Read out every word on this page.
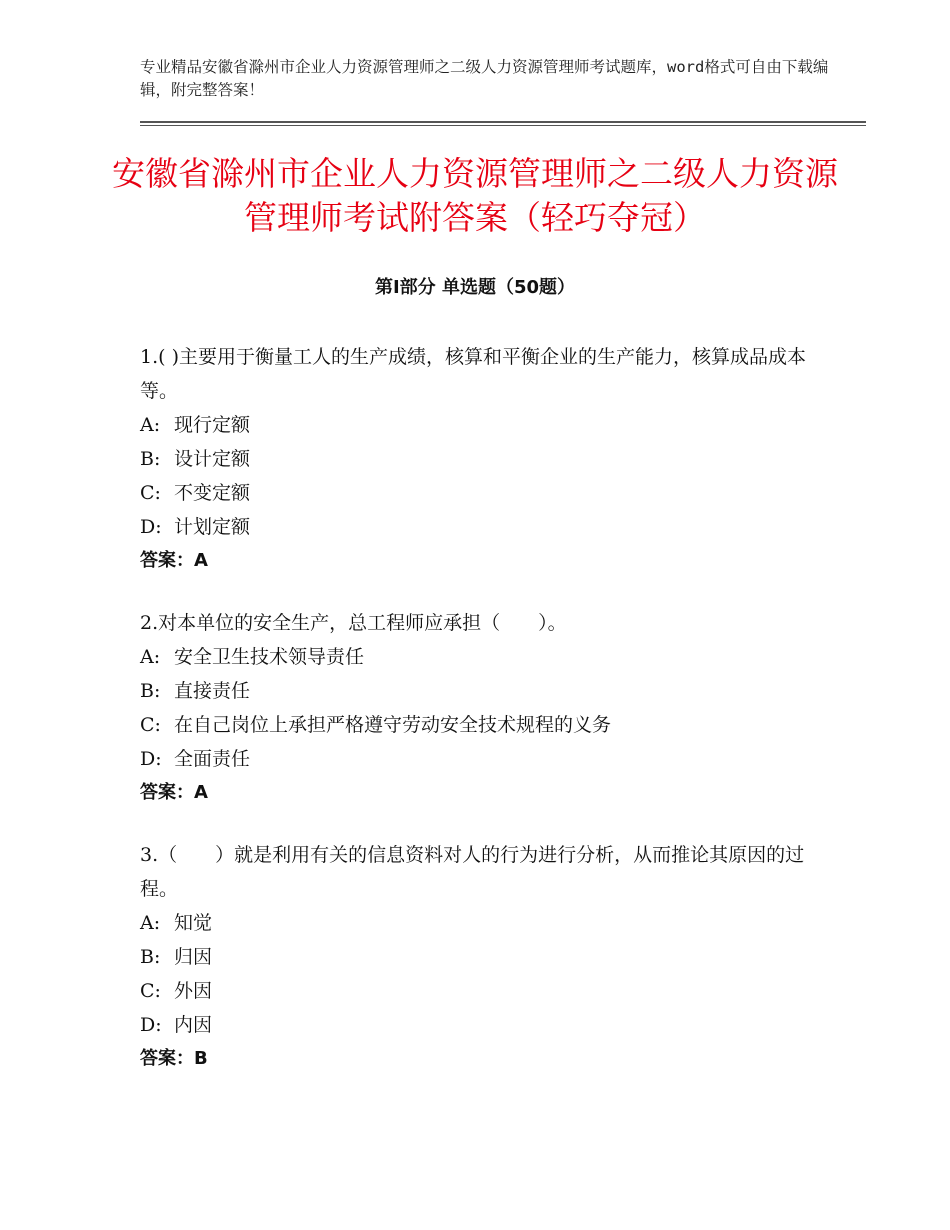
专业精品安徽省滁州市企业人力资源管理师之二级人力资源管理师考试题库，word格式可自由下载编辑，附完整答案！
安徽省滁州市企业人力资源管理师之二级人力资源管理师考试附答案（轻巧夺冠）
第Ⅰ部分 单选题（50题）

1.( )主要用于衡量工人的生产成绩，核算和平衡企业的生产能力，核算成品成本等。

A: 现行定额
B: 设计定额
C: 不变定额
D: 计划定额
答案：A

2.对本单位的安全生产，总工程师应承担（　　）。

A: 安全卫生技术领导责任
B: 直接责任
C: 在自己岗位上承担严格遵守劳动安全技术规程的义务
D: 全面责任
答案：A

3.（　　）就是利用有关的信息资料对人的行为进行分析，从而推论其原因的过程。

A: 知觉
B: 归因
C: 外因
D: 内因
答案：B
